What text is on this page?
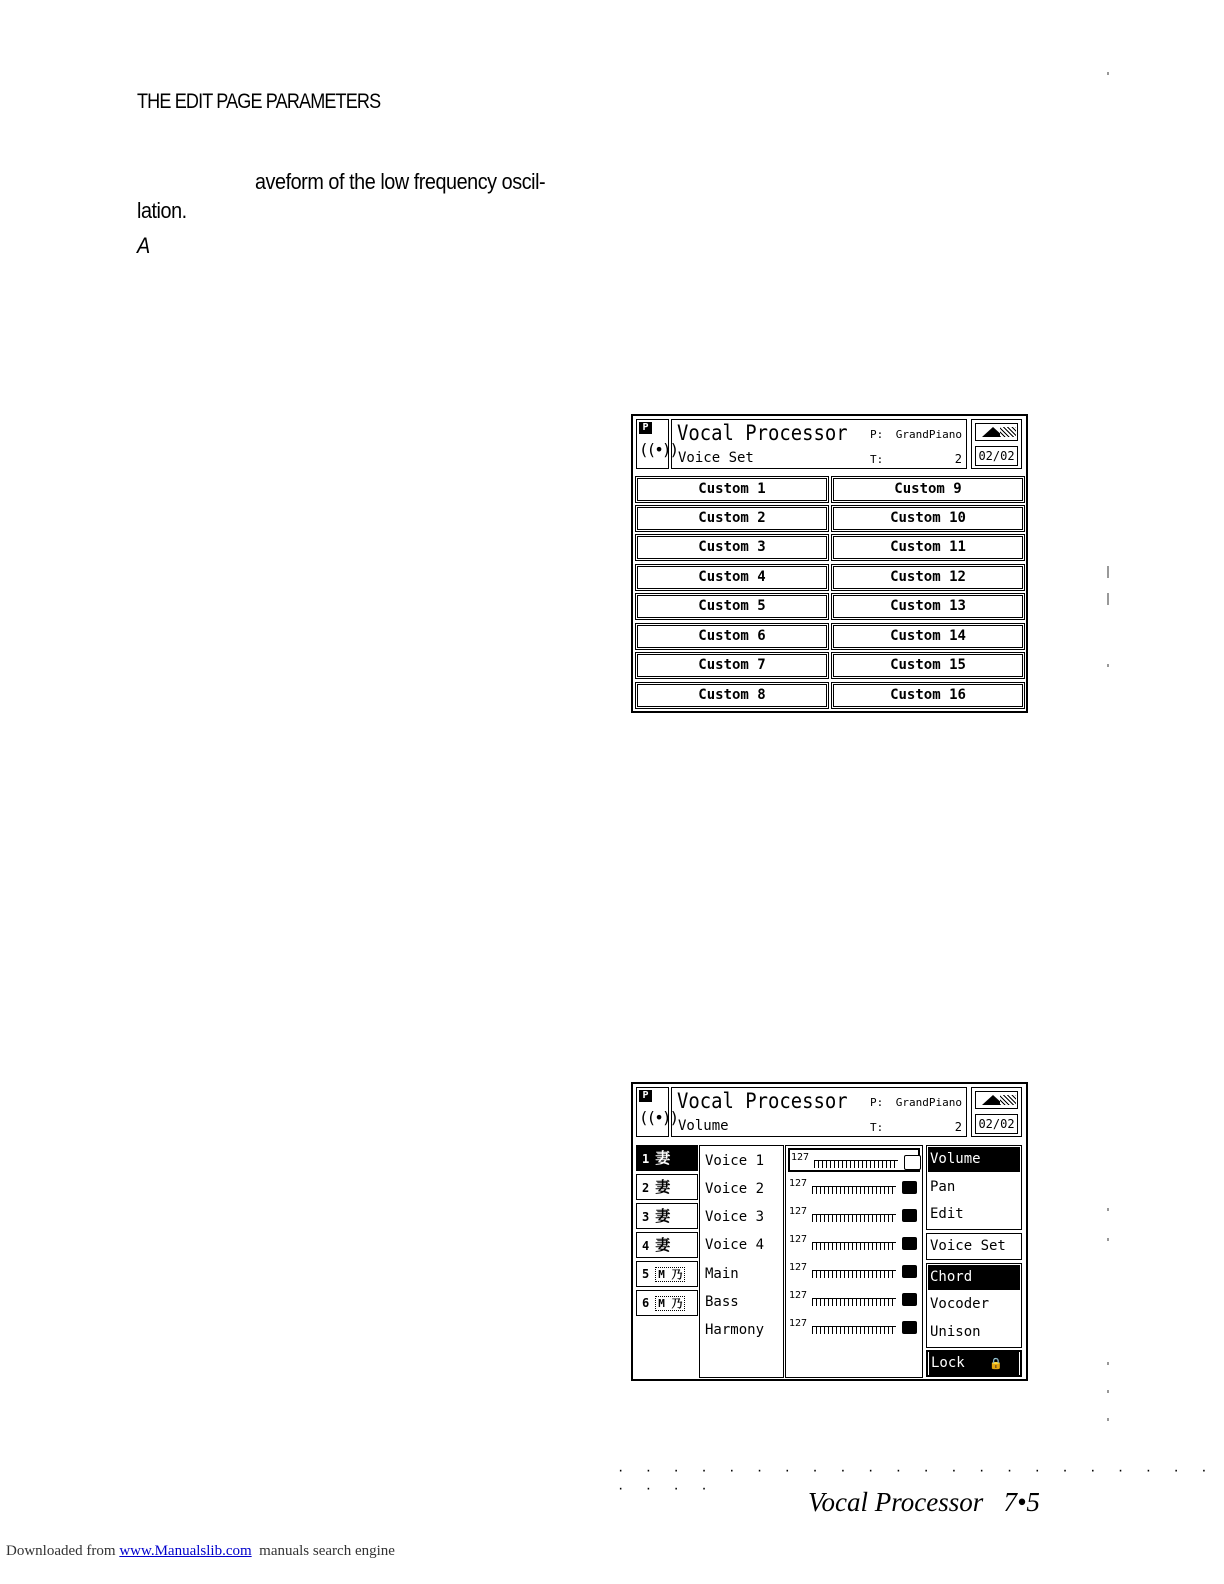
THE EDIT PAGE PARAMETERS
aveform of the low frequency oscil-
lation.
A
P
((•))
Vocal Processor
Voice Set
P: GrandPiano
T:	2 02/02
Custom 1
Custom 2
Custom 3
Custom 4
Custom 5
Custom 6
Custom 7
Custom 8
Custom 9
Custom 10
Custom 11
Custom 12
Custom 13
Custom 14
Custom 15
Custom 16
P
((•))
Vocal Processor
Volume
P: GrandPiano
T:	2 02/02
1 妻
2 妻
3 妻
4 妻
5 M 乃
6 M 乃
Voice 1
Voice 2
Voice 3
Voice 4
Main
Bass
Harmony
127
127
127
127
127
127
127
Volume
Pan
Edit
Voice Set
Chord
Vocoder
Unison
Lock 🔒
· · · · · · · · · · · · · · · · · · · · · · · · · ·	Vocal Processor   7•5
Downloaded from www.Manualslib.com  manuals search engine
